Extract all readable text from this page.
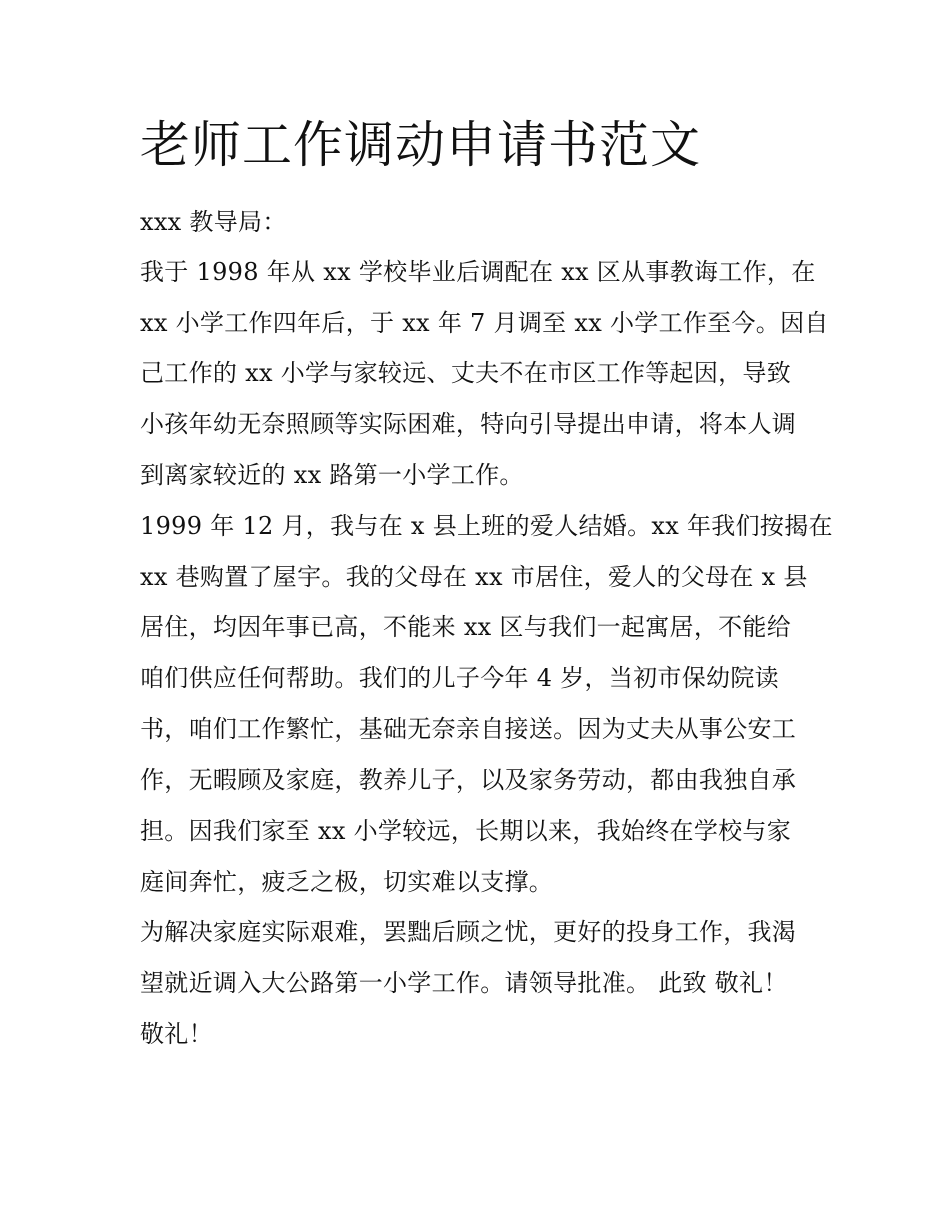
老师工作调动申请书范文
xxx 教导局：
我于 1998 年从 xx 学校毕业后调配在 xx 区从事教诲工作，在
xx 小学工作四年后，于 xx 年 7 月调至 xx 小学工作至今。因自
己工作的 xx 小学与家较远、丈夫不在市区工作等起因，导致
小孩年幼无奈照顾等实际困难，特向引导提出申请，将本人调
到离家较近的 xx 路第一小学工作。
1999 年 12 月，我与在 x 县上班的爱人结婚。xx 年我们按揭在
xx 巷购置了屋宇。我的父母在 xx 市居住，爱人的父母在 x 县
居住，均因年事已高，不能来 xx 区与我们一起寓居，不能给
咱们供应任何帮助。我们的儿子今年 4 岁，当初市保幼院读
书，咱们工作繁忙，基础无奈亲自接送。因为丈夫从事公安工
作，无暇顾及家庭，教养儿子，以及家务劳动，都由我独自承
担。因我们家至 xx 小学较远，长期以来，我始终在学校与家
庭间奔忙，疲乏之极，切实难以支撑。
为解决家庭实际艰难，罢黜后顾之忧，更好的投身工作，我渴
望就近调入大公路第一小学工作。请领导批准。 此致 敬礼！
敬礼！
